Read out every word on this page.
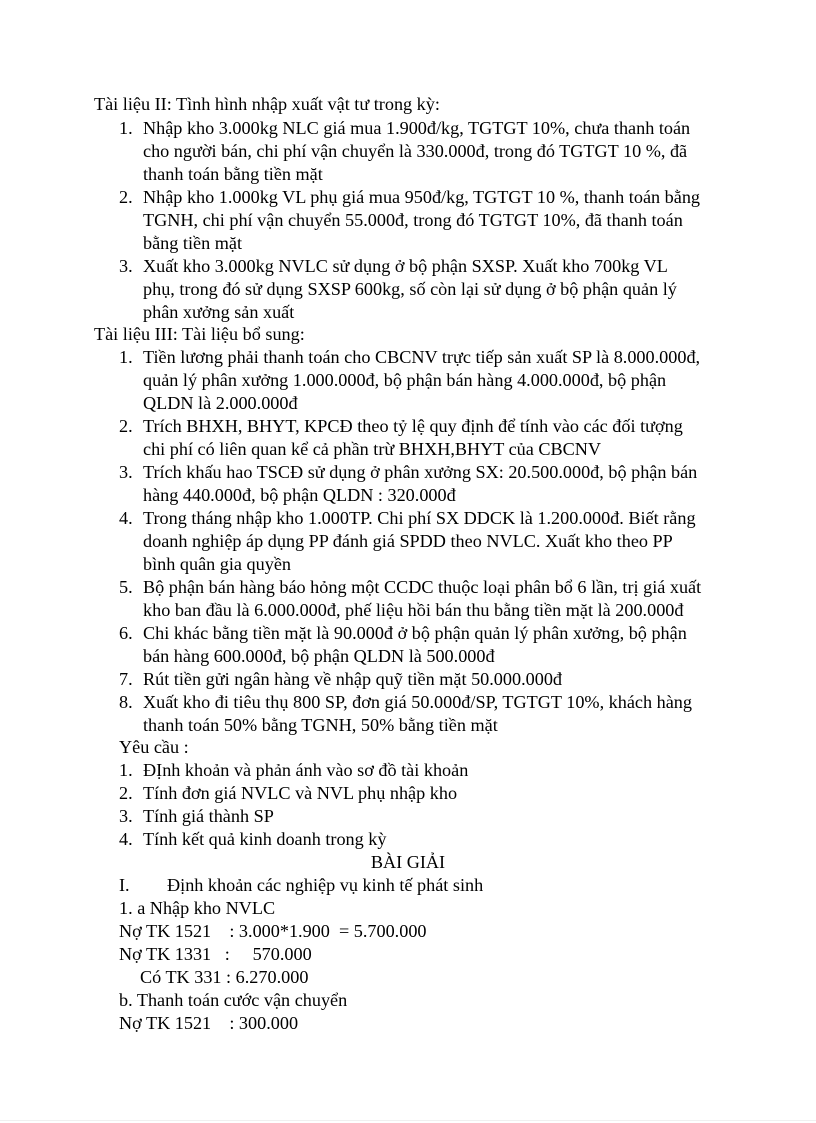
Tài liệu II: Tình hình nhập xuất vật tư trong kỳ:
1. Nhập kho 3.000kg NLC giá mua 1.900đ/kg, TGTGT 10%, chưa thanh toán
cho người bán, chi phí vận chuyển là 330.000đ, trong đó TGTGT 10 %, đã
thanh toán bằng tiền mặt
2. Nhập kho 1.000kg VL phụ giá mua 950đ/kg, TGTGT 10 %, thanh toán bằng
TGNH, chi phí vận chuyển 55.000đ, trong đó TGTGT 10%, đã thanh toán
bằng tiền mặt
3. Xuất kho 3.000kg NVLC sử dụng ở bộ phận SXSP. Xuất kho 700kg VL
phụ, trong đó sử dụng SXSP 600kg, số còn lại sử dụng ở bộ phận quản lý
phân xưởng sản xuất
Tài liệu III: Tài liệu bổ sung:
1. Tiền lương phải thanh toán cho CBCNV trực tiếp sản xuất SP là 8.000.000đ,
quản lý phân xưởng 1.000.000đ, bộ phận bán hàng 4.000.000đ, bộ phận
QLDN là 2.000.000đ
2. Trích BHXH, BHYT, KPCĐ theo tỷ lệ quy định để tính vào các đối tượng
chi phí có liên quan kể cả phần trừ BHXH,BHYT của CBCNV
3. Trích khấu hao TSCĐ sử dụng ở phân xưởng SX: 20.500.000đ, bộ phận bán
hàng 440.000đ, bộ phận QLDN : 320.000đ
4. Trong tháng nhập kho 1.000TP. Chi phí SX DDCK là 1.200.000đ. Biết rằng
doanh nghiệp áp dụng PP đánh giá SPDD theo NVLC. Xuất kho theo PP
bình quân gia quyền
5. Bộ phận bán hàng báo hỏng một CCDC thuộc loại phân bổ 6 lần, trị giá xuất
kho ban đầu là 6.000.000đ, phế liệu hồi bán thu bằng tiền mặt là 200.000đ
6. Chi khác bằng tiền mặt là 90.000đ ở bộ phận quản lý phân xưởng, bộ phận
bán hàng 600.000đ, bộ phận QLDN là 500.000đ
7. Rút tiền gửi ngân hàng về nhập quỹ tiền mặt 50.000.000đ
8. Xuất kho đi tiêu thụ 800 SP, đơn giá 50.000đ/SP, TGTGT 10%, khách hàng
thanh toán 50% bằng TGNH, 50% bằng tiền mặt
Yêu cầu :
1. ĐỊnh khoản và phản ánh vào sơ đồ tài khoản
2. Tính đơn giá NVLC và NVL phụ nhập kho
3. Tính giá thành SP
4. Tính kết quả kinh doanh trong kỳ
BÀI GIẢI
I. Định khoản các nghiệp vụ kinh tế phát sinh
1. a Nhập kho NVLC
Nợ TK 1521    : 3.000*1.900  = 5.700.000
Nợ TK 1331   :     570.000
Có TK 331 : 6.270.000
b. Thanh toán cước vận chuyển
Nợ TK 1521    : 300.000
